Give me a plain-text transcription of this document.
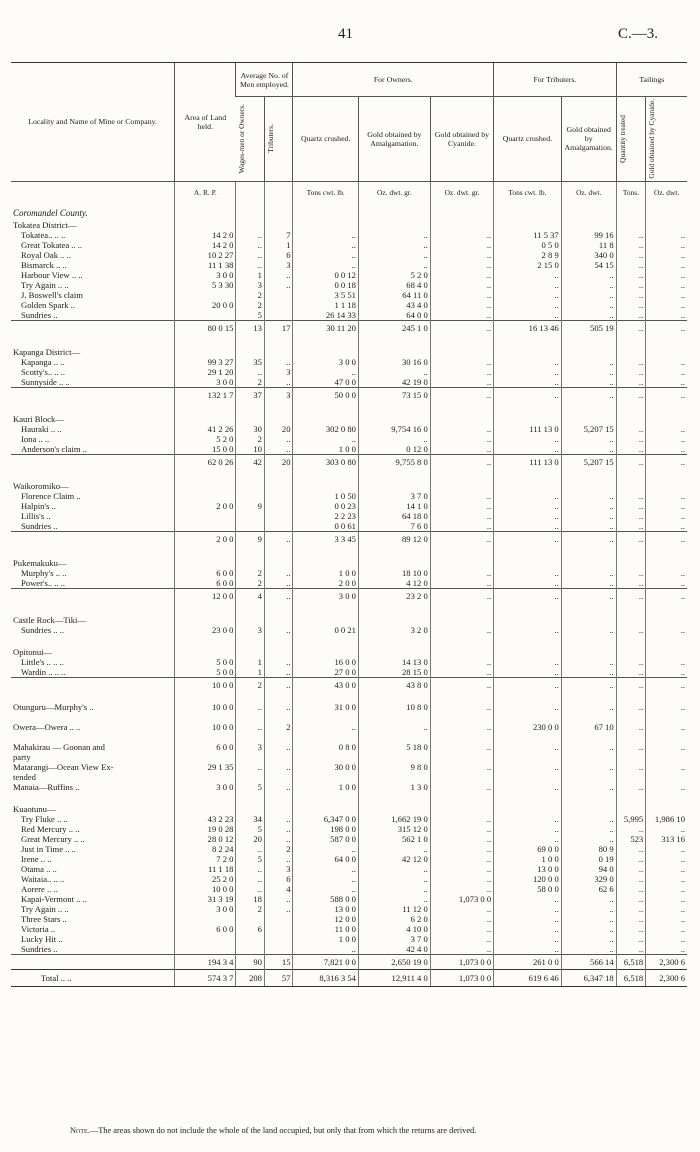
41	C.—3.
Locality and Name of Mine or Company.	Area of Land held.	Average No. of Men employed.		For Owners.			For Tributers.		Tailings	

		Wages-men or Owners.	Tributers.	Quartz crushed.	Gold obtained by Amalgamation.	Gold obtained by Cyanide.	Quartz crushed.	Gold obtained by Amalgamation.	Quantity treated	Gold obtained by Cyanide.

	A. R. P.			Tons cwt. lb.	Oz. dwt. gr.	Oz. dwt. gr.	Tons cwt. lb.	Oz. dwt.	Tons.	Oz. dwt.
Coromandel County.										
Tokatea District—										
Tokatea.. .. ..	14 2 0	..	7	..	..	..	11 5 37	99 16	..	..
Great Tokatea .. ..	14 2 0	..	1	..	..	..	0 5 0	11 8	..	..
Royal Oak .. ..	10 2 27	..	6	..	..	..	2 8 9	340 0	..	..
Bismarck .. ..	11 1 38	..	3	..	..	..	2 15 0	54 15	..	..
Harbour View .. ..	3 0 0	1	..	0 0 12	5 2 0	..	..	..	..	..
Try Again .. ..	5 3 30	3	..	0 0 18	68 4 0	..	..	..	..	..
J. Boswell's claim		2		3 5 51	64 11 0	..	..	..	..	..
Golden Spark ..	20 0 0	2		1 1 18	43 4 0	..	..	..	..	..
Sundries ..		5		26 14 33	64 0 0	..	..	..	..	..
	80 0 15	13	17	30 11 20	245 1 0	..	16 13 46	505 19	..	..

Kapanga District—										
Kapanga .. ..	99 3 27	35	..	3 0 0	30 16 0	..	..	..	..	..
Scotty's.. .. ..	29 1 20	..	3	..	..	..	..	..	..	..
Sunnyside .. ..	3 0 0	2	..	47 0 0	42 19 0	..	..	..	..	..
	132 1 7	37	3	50 0 0	73 15 0	..	..	..	..	..

Kauri Block—										
Hauraki .. ..	41 2 26	30	20	302 0 80	9,754 16 0	..	111 13 0	5,207 15	..	..
Iona .. ..	5 2 0	2	..	..	..	..	..	..	..	..
Anderson's claim ..	15 0 0	10	..	1 0 0	0 12 0	..	..	..	..	..
	62 0 26	42	20	303 0 80	9,755 8 0	..	111 13 0	5,207 15	..	..

Waikoromiko—										
Florence Claim ..				1 0 50	3 7 0	..	..	..	..	..
Halpin's ..	2 0 0	9		0 0 23	14 1 0	..	..	..	..	..
Lillis's ..				2 2 23	64 18 0	..	..	..	..	..
Sundries ..				0 0 61	7 6 0	..	..	..	..	..
	2 0 0	9	..	3 3 45	89 12 0	..	..	..	..	..

Pukemakuku—										
Murphy's .. ..	6 0 0	2	..	1 0 0	18 10 0	..	..	..	..	..
Power's.. .. ..	6 0 0	2	..	2 0 0	4 12 0	..	..	..	..	..
	12 0 0	4	..	3 0 0	23 2 0	..	..	..	..	..

Castle Rock—Tiki—										
Sundries .. ..	23 0 0	3	..	0 0 21	3 2 0	..	..	..	..	..

Opitonui—										
Little's .. .. ..	5 0 0	1	..	16 0 0	14 13 0	..	..	..	..	..
Wardin .. .. ..	5 0 0	1	..	27 0 0	28 15 0	..	..	..	..	..
	10 0 0	2	..	43 0 0	43 8 0	..	..	..	..	..

Otunguru—Murphy's ..	10 0 0	..	..	31 0 0	10 8 0	..	..	..	..	..

Owera—Owera .. ..	10 0 0	..	2	..	..	..	230 0 0	67 10	..	..

Mahakirau — Goonan and	6 0 0	3	..	0 8 0	5 18 0	..	..	..	..	..
party										
Matarangi—Ocean View Ex-	29 1 35	..	..	30 0 0	9 8 0	..	..	..	..	..
tended										
Manaia—Ruffins ..	3 0 0	5	..	1 0 0	1 3 0	..	..	..	..	..

Kuaotunu—										
Try Fluke .. ..	43 2 23	34	..	6,347 0 0	1,662 19 0	..	..	..	5,995	1,986 10
Red Mercury .. ..	19 0 28	5	..	198 0 0	315 12 0	..	..	..	..	..
Great Mercury .. ..	28 0 12	20	..	587 0 0	562 1 0	..	..	..	523	313 16
Just in Time .. ..	8 2 24	..	2	..	..	..	69 0 0	80 9	..	..
Irene .. ..	7 2 0	5	..	64 0 0	42 12 0	..	1 0 0	0 19	..	..
Otama .. ..	11 1 18	..	3	..	..	..	13 0 0	94 0	..	..
Waitaia.. .. ..	25 2 0	..	6	..	..	..	120 0 0	329 0	..	..
Aorere .. ..	10 0 0	..	4	..	..	..	58 0 0	62 6	..	..
Kapai-Vermont .. ..	31 3 19	18	..	588 0 0	..	1,073 0 0	..	..	..	..
Try Again .. ..	3 0 0	2	..	13 0 0	11 12 0	..	..	..	..	..
Three Stars ..				12 0 0	6 2 0	..	..	..	..	..
Victoria ..	6 0 0	6		11 0 0	4 10 0	..	..	..	..	..
Lucky Hit ..				1 0 0	3 7 0	..	..	..	..	..
Sundries ..				..	42 4 0	..	..	..	..	..
	194 3 4	90	15	7,821 0 0	2,650 19 0	1,073 0 0	261 0 0	566 14	6,518	2,300 6
Total .. ..	574 3 7	208	57	8,316 3 54	12,911 4 0	1,073 0 0	619 6 46	6,347 18	6,518	2,300 6
Note.—The areas shown do not include the whole of the land occupied, but only that from which the returns are derived.
